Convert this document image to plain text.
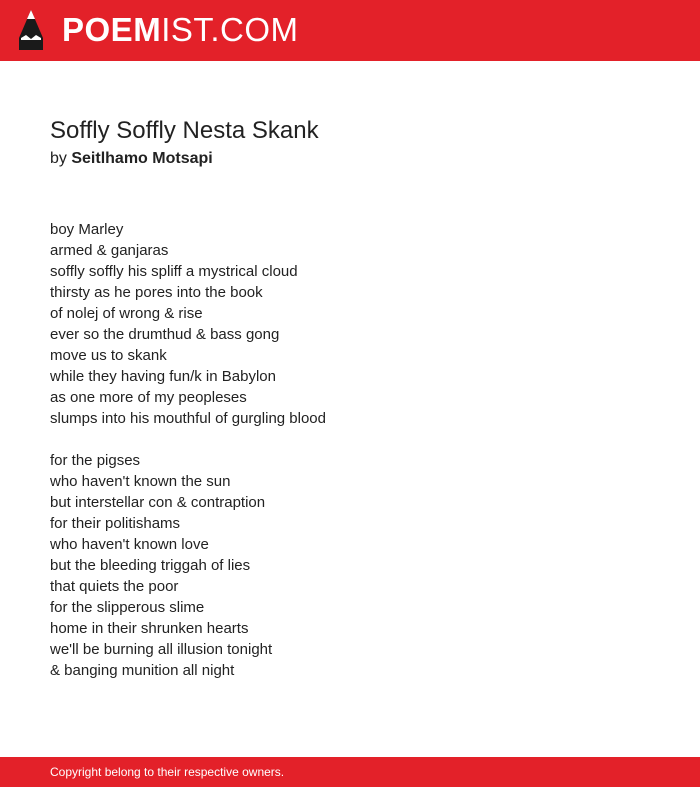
POEMIST.COM
Soffly Soffly Nesta Skank
by Seitlhamo Motsapi
boy Marley
armed & ganjaras
soffly soffly his spliff a mystrical cloud
thirsty as he pores into the book
of nolej of wrong & rise
ever so the drumthud & bass gong
move us to skank
while they having fun/k in Babylon
as one more of my peopleses
slumps into his mouthful of gurgling blood
for the pigses
who haven't known the sun
but interstellar con & contraption
for their politishams
who haven't known love
but the bleeding triggah of lies
that quiets the poor
for the slipperous slime
home in their shrunken hearts
we'll be burning all illusion tonight
& banging munition all night
Copyright belong to their respective owners.
